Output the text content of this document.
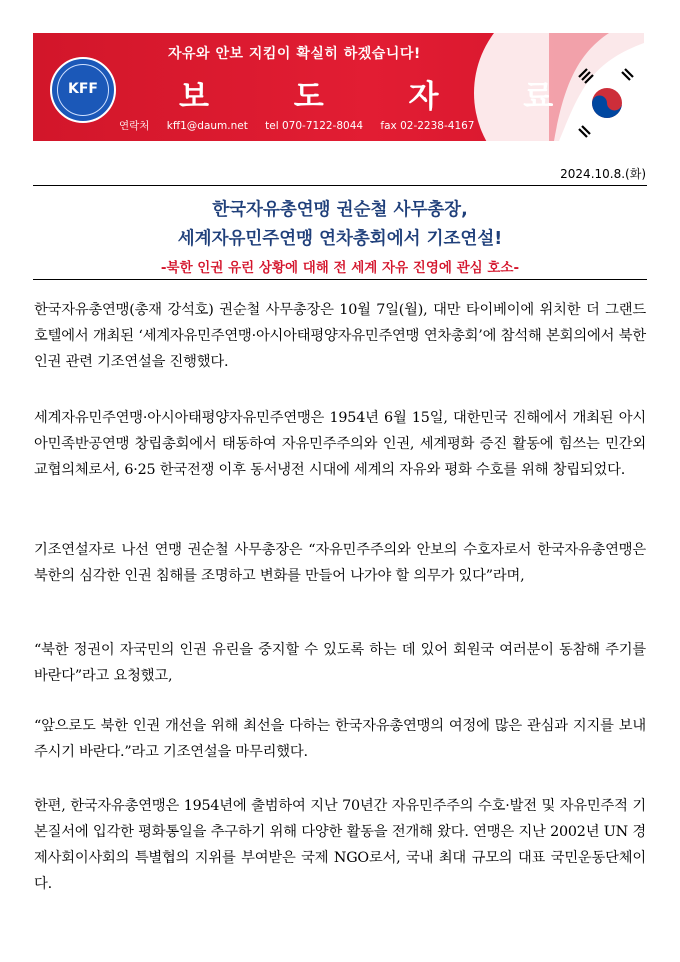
KFF
자유와 안보 지킴이 확실히 하겠습니다!
보 도 자 료
연락처 kff1@daum.net tel 070-7122-8044 fax 02-2238-4167
2024.10.8.(화)
한국자유총연맹 권순철 사무총장,
세계자유민주연맹 연차총회에서 기조연설!
-북한 인권 유린 상황에 대해 전 세계 자유 진영에 관심 호소-
한국자유총연맹(총재 강석호) 권순철 사무총장은 10월 7일(월), 대만 타이베이에 위치한 더 그랜드호텔에서 개최된 ‘세계자유민주연맹·아시아태평양자유민주연맹 연차총회’에 참석해 본회의에서 북한 인권 관련 기조연설을 진행했다.
세계자유민주연맹·아시아태평양자유민주연맹은 1954년 6월 15일, 대한민국 진해에서 개최된 아시아민족반공연맹 창립총회에서 태동하여 자유민주주의와 인권, 세계평화 증진 활동에 힘쓰는 민간외교협의체로서, 6·25 한국전쟁 이후 동서냉전 시대에 세계의 자유와 평화 수호를 위해 창립되었다.
기조연설자로 나선 연맹 권순철 사무총장은 “자유민주주의와 안보의 수호자로서 한국자유총연맹은 북한의 심각한 인권 침해를 조명하고 변화를 만들어 나가야 할 의무가 있다”라며,
“북한 정권이 자국민의 인권 유린을 중지할 수 있도록 하는 데 있어 회원국 여러분이 동참해 주기를 바란다”라고 요청했고,
“앞으로도 북한 인권 개선을 위해 최선을 다하는 한국자유총연맹의 여정에 많은 관심과 지지를 보내주시기 바란다.”라고 기조연설을 마무리했다.
한편, 한국자유총연맹은 1954년에 출범하여 지난 70년간 자유민주주의 수호·발전 및 자유민주적 기본질서에 입각한 평화통일을 추구하기 위해 다양한 활동을 전개해 왔다. 연맹은 지난 2002년 UN 경제사회이사회의 특별협의 지위를 부여받은 국제 NGO로서, 국내 최대 규모의 대표 국민운동단체이다.
